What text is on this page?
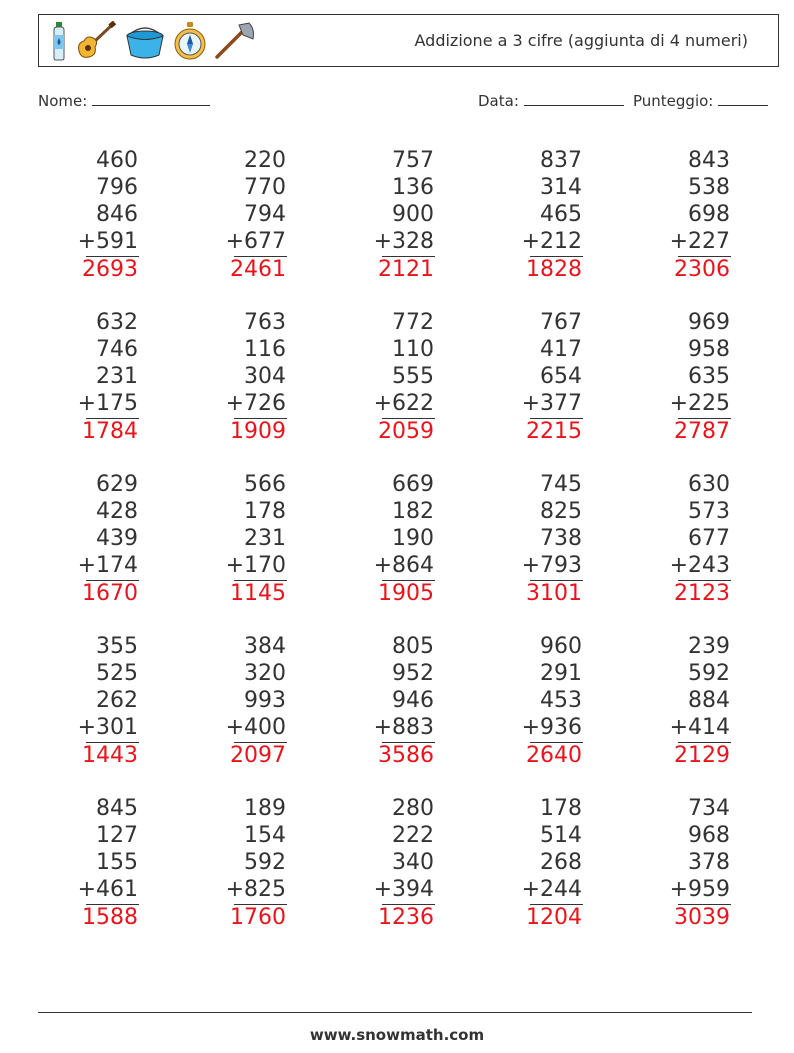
Addizione a 3 cifre (aggiunta di 4 numeri)
Nome:	Data:	Punteggio:
460
796
846
+591
2693
220
770
794
+677
2461
757
136
900
+328
2121
837
314
465
+212
1828
843
538
698
+227
2306
632
746
231
+175
1784
763
116
304
+726
1909
772
110
555
+622
2059
767
417
654
+377
2215
969
958
635
+225
2787
629
428
439
+174
1670
566
178
231
+170
1145
669
182
190
+864
1905
745
825
738
+793
3101
630
573
677
+243
2123
355
525
262
+301
1443
384
320
993
+400
2097
805
952
946
+883
3586
960
291
453
+936
2640
239
592
884
+414
2129
845
127
155
+461
1588
189
154
592
+825
1760
280
222
340
+394
1236
178
514
268
+244
1204
734
968
378
+959
3039
www.snowmath.com
